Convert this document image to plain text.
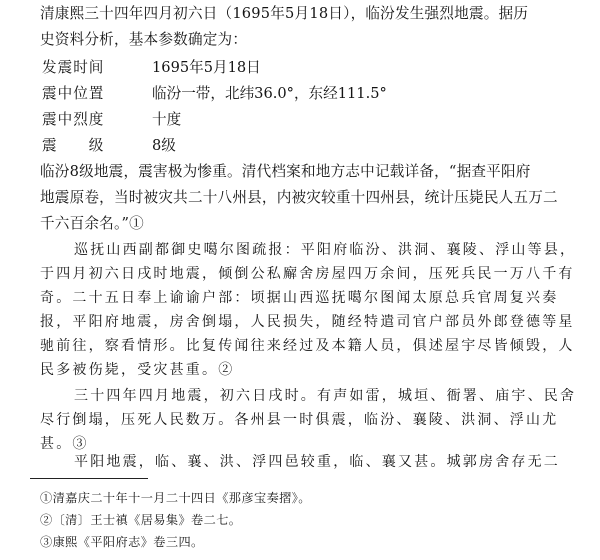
清康熙三十四年四月初六日（1695年5月18日），临汾发生强烈地震。据历
史资料分析，基本参数确定为：
发震时间	1695年5月18日
震中位置	临汾一带，北纬36.0°，东经111.5°
震中烈度	十度
震　　级	8级
临汾8级地震，震害极为惨重。清代档案和地方志中记载详备，“据查平阳府
地震原卷，当时被灾共二十八州县，内被灾较重十四州县，统计压毙民人五万二
千六百余名。”①
巡抚山西副都御史噶尔图疏报：平阳府临汾、洪洞、襄陵、浮山等县，
于四月初六日戌时地震，倾倒公私廨舍房屋四万余间，压死兵民一万八千有
奇。二十五日奉上谕谕户部：顷据山西巡抚噶尔图闻太原总兵官周复兴奏
报，平阳府地震，房舍倒塌，人民损失，随经特遣司官户部员外郎登德等星
驰前往，察看情形。比复传闻往来经过及本籍人员，俱述屋宇尽皆倾毁，人
民多被伤毙，受灾甚重。②
三十四年四月地震，初六日戌时。有声如雷，城垣、衙署、庙宇、民舍
尽行倒塌，压死人民数万。各州县一时俱震，临汾、襄陵、洪洞、浮山尤
甚。③
平阳地震，临、襄、洪、浮四邑较重，临、襄又甚。城郭房舍存无二
①清嘉庆二十年十一月二十四日《那彦宝奏摺》。
②〔清〕王士禛《居易集》卷二七。
③康熙《平阳府志》卷三四。
